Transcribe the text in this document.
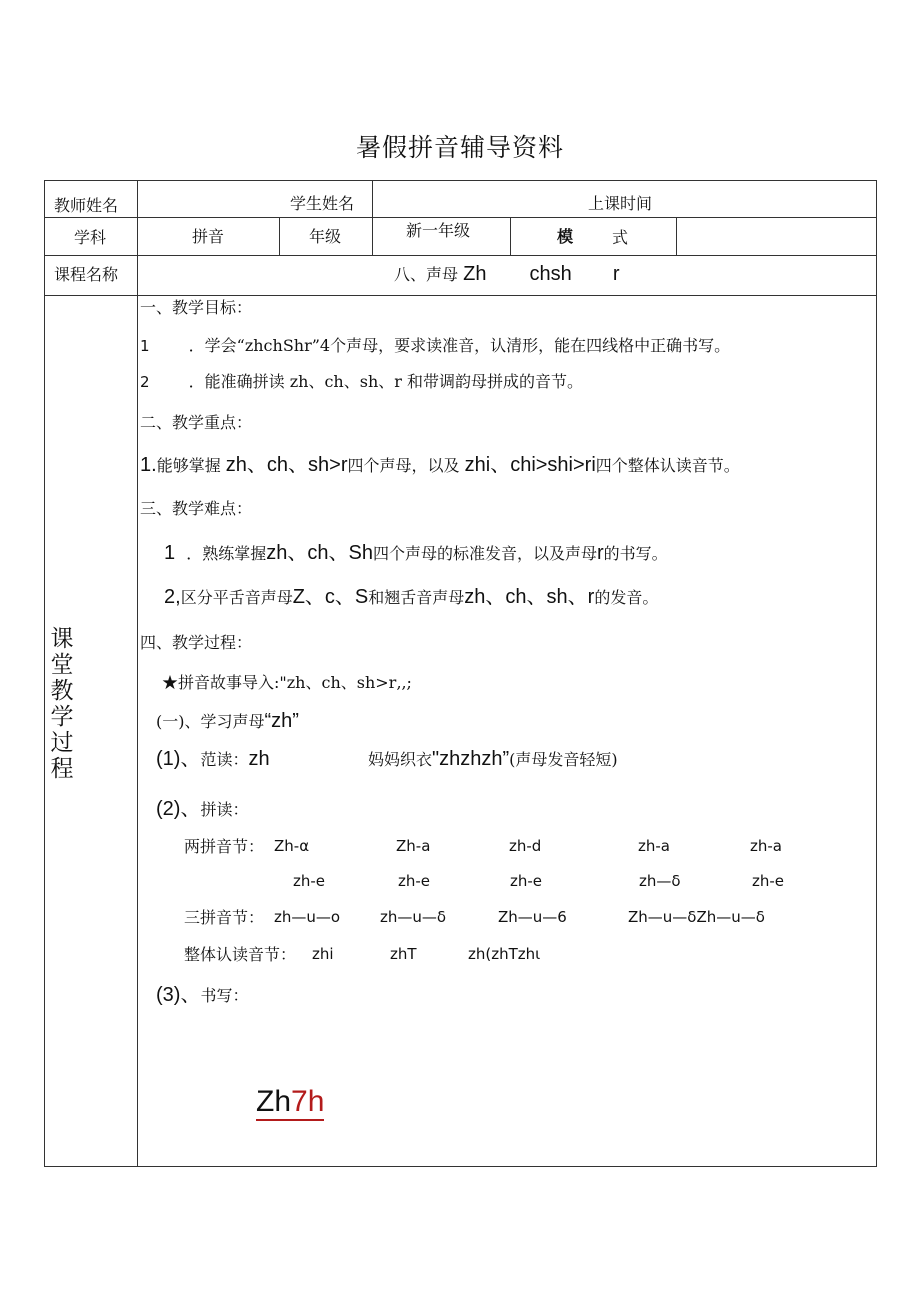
暑假拼音辅导资料
教师姓名	学生姓名	上课时间
学科	拼音	年级	新一年级	模 式
课程名称	八、声母 Zh chsh r
课
堂
教
学
过
程
一、教学目标：
1 ．学会“zhchShr”4个声母，要求读准音，认清形，能在四线格中正确书写。
2 ．能准确拼读 zh、ch、sh、r 和带调韵母拼成的音节。
二、教学重点：
1.能够掌握 zh、ch、sh>r四个声母，以及 zhi、chi>shi>ri四个整体认读音节。
三、教学难点：
1 ．熟练掌握zh、ch、Sh四个声母的标准发音，以及声母r的书写。
2,区分平舌音声母Z、c、S和翘舌音声母zh、ch、sh、r的发音。
四、教学过程：
★拼音故事导入:"zh、ch、sh>r‚‚;
(一)、学习声母“zh”
(1)、范读：zh	妈妈织衣"zhzhzh”(声母发音轻短)
(2)、拼读：
两拼音节： Zh-α	Zh-a	zh-d	zh-a	zh-a
zh-e	zh-e	zh-e	zh—δ	zh-e
三拼音节： zh—u—o	zh—u—δ	Zh—u—6	Zh—u—δZh—u—δ
整体认读音节： zhi	zhT	zh(zhTzhι
(3)、书写：
Zh7h
